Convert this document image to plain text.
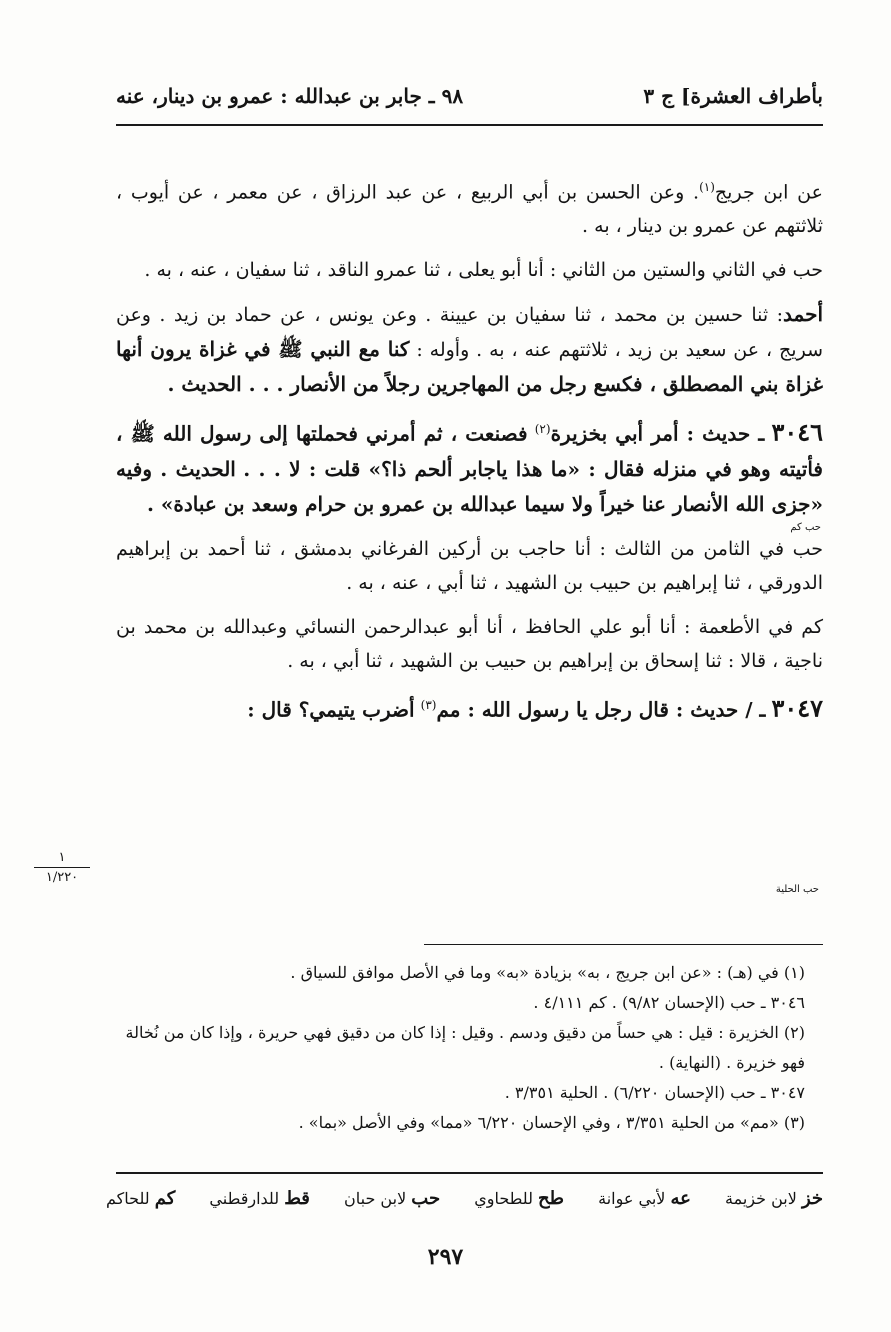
بأطراف العشرة] ج ٣
٩٨ ـ جابر بن عبدالله : عمرو بن دينار، عنه

عن ابن جريج$^{(١)}$. وعن الحسن بن أبي الربيع ، عن عبد الرزاق ، عن معمر ، عن أيوب ، ثلاثتهم عن عمرو بن دينار ، به .

حب في الثاني والستين من الثاني : أنا أبو يعلى ، ثنا عمرو الناقد ، ثنا سفيان ، عنه ، به .

أحمد: ثنا حسين بن محمد ، ثنا سفيان بن عيينة . وعن يونس ، عن حماد بن زيد . وعن سريج ، عن سعيد بن زيد ، ثلاثتهم عنه ، به . وأوله : كنا مع النبي ﷺ في غزاة يرون أنها غزاة بني المصطلق ، فكسع رجل من المهاجرين رجلاً من الأنصار . . . الحديث .

٣٠٤٦ ـ حديث : أمر أبي بخزيرة$^{(٢)}$ فصنعت ، ثم أمرني فحملتها إلى رسول الله ﷺ ، فأتيته وهو في منزله فقال : «ما هذا ياجابر ألحم ذا؟» قلت : لا . . . الحديث . وفيه «جزى الله الأنصار عنا خيراً ولا سيما عبدالله بن عمرو بن حرام وسعد بن عبادة» .

حب في الثامن من الثالث : أنا حاجب بن أركين الفرغاني بدمشق ، ثنا أحمد بن إبراهيم الدورقي ، ثنا إبراهيم بن حبيب بن الشهيد ، ثنا أبي ، عنه ، به .

كم في الأطعمة : أنا أبو علي الحافظ ، أنا أبو عبدالرحمن النسائي وعبدالله بن محمد بن ناجية ، قالا : ثنا إسحاق بن إبراهيم بن حبيب بن الشهيد ، ثنا أبي ، به .

٣٠٤٧ ـ / حديث : قال رجل يا رسول الله : مم$^{(٣)}$ أضرب يتيمي؟ قال :

حب كم
حب الحلية
١
١/٢٢٠

(١) في (هـ) : «عن ابن جريج ، به» بزيادة «به» وما في الأصل موافق للسياق .

٣٠٤٦ ـ حب (الإحسان ٩/٨٢) . كم ٤/١١١ .

(٢) الخزيرة : قيل : هي حساً من دقيق ودسم . وقيل : إذا كان من دقيق فهي حريرة ، وإذا كان من نُخالة فهو خزيرة . (النهاية) .

٣٠٤٧ ـ حب (الإحسان ٦/٢٢٠) . الحلية ٣/٣٥١ .

(٣) «مم» من الحلية ٣/٣٥١ ، وفي الإحسان ٦/٢٢٠ «مما» وفي الأصل «بما» .

خز لابن خزيمة
عه لأبي عوانة
طح للطحاوي
حب لابن حبان
قط للدارقطني
كم للحاكم
٢٩٧
